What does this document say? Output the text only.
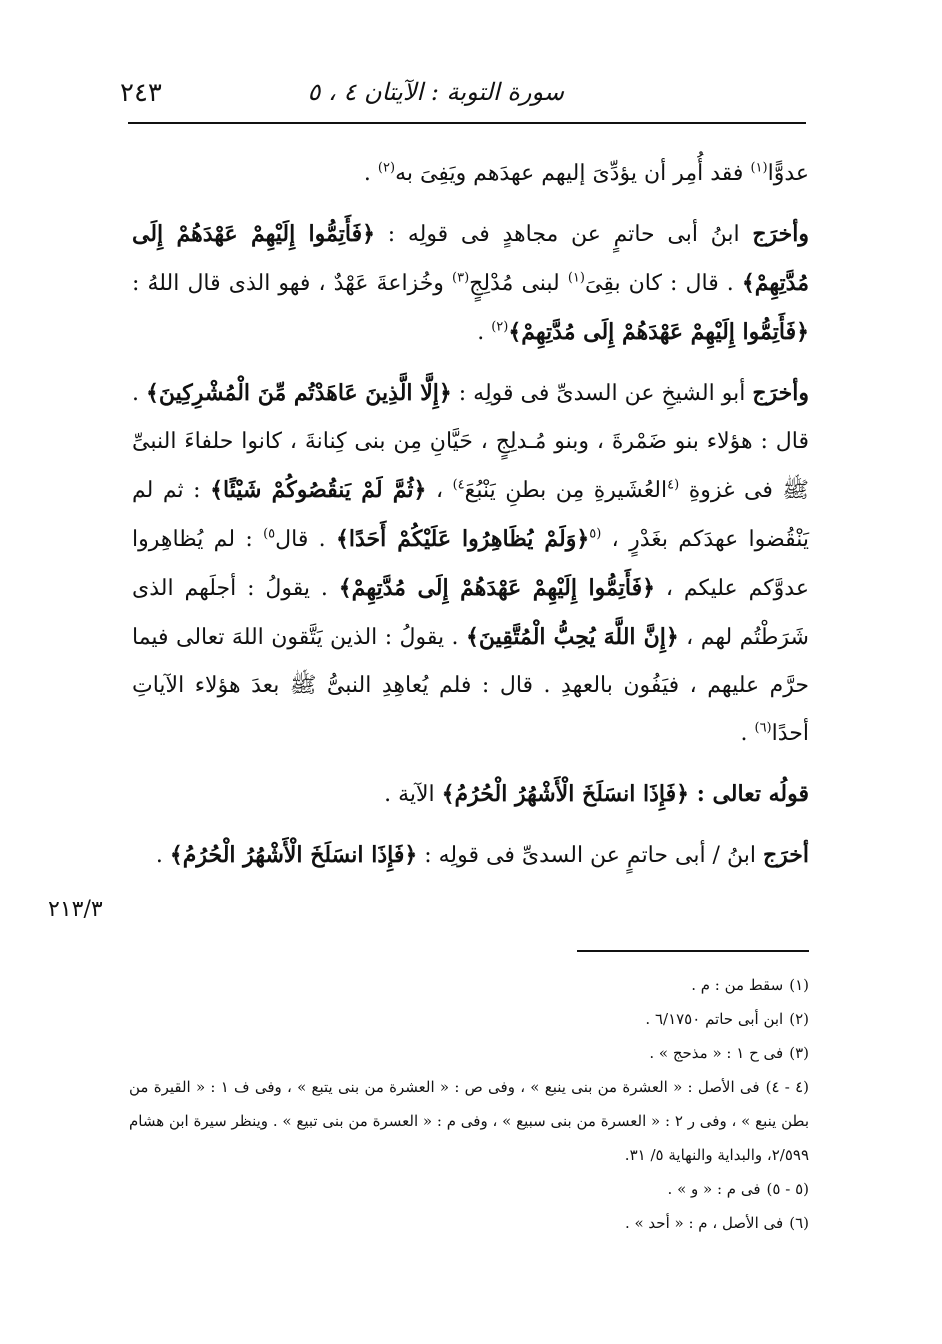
٢٤٣	سورة التوبة : الآيتان ٤ ، ٥

عدوًّا$^{(١)}$ فقد أُمِر أن يؤدِّىَ إليهم عهدَهم ويَفِىَ به$^{(٢)}$ .

وأخرَج ابنُ أبى حاتمٍ عن مجاهدٍ فى قولِه : ﴿فَأَتِمُّوا إِلَيْهِمْ عَهْدَهُمْ إِلَى مُدَّتِهِمْ﴾ . قال : كان بقِىَ$^{(١)}$ لبنى مُدْلِجٍ$^{(٣)}$ وخُزاعةَ عَهْدٌ ، فهو الذى قال اللهُ : ﴿فَأَتِمُّوا إِلَيْهِمْ عَهْدَهُمْ إِلَى مُدَّتِهِمْ﴾$^{(٢)}$ .

وأخرَج أبو الشيخِ عن السدىِّ فى قولِه : ﴿إِلَّا الَّذِينَ عَاهَدْتُم مِّنَ الْمُشْرِكِينَ﴾ . قال : هؤلاء بنو ضَمْرةَ ، وبنو مُـدلِجٍ ، حَيَّانِ مِن بنى كِنانةَ ، كانوا حلفاءَ النبىِّ ﷺ فى غزوةِ $^{(٤}$العُشَيرةِ مِن بطنِ يَنْبُعَ$^{٤)}$ ، ﴿ثُمَّ لَمْ يَنقُصُوكُمْ شَيْئًا﴾ : ثم لم يَنْقُضوا عهدَكم بغَدْرٍ ، $^{(٥}$﴿وَلَمْ يُظَاهِرُوا عَلَيْكُمْ أَحَدًا﴾ . قال$^{٥)}$ : لم يُظاهِروا عدوَّكم عليكم ، ﴿فَأَتِمُّوا إِلَيْهِمْ عَهْدَهُمْ إِلَى مُدَّتِهِمْ﴾ . يقولُ : أجلَهم الذى شَرَطْتُم لهم ، ﴿إِنَّ اللَّهَ يُحِبُّ الْمُتَّقِينَ﴾ . يقولُ : الذين يَتَّقون اللهَ تعالى فيما حرَّم عليهم ، فيَفُون بالعهدِ . قال : فلم يُعاهِدِ النبىُّ ﷺ بعدَ هؤلاء الآياتِ أحدًا$^{(٦)}$ .

قولُه تعالى : ﴿فَإِذَا انسَلَخَ الْأَشْهُرُ الْحُرُمُ﴾ الآية .

أخرَج ابنُ / أبى حاتمٍ عن السدىِّ فى قولِه : ﴿فَإِذَا انسَلَخَ الْأَشْهُرُ الْحُرُمُ﴾ .

٢١٣/٣

(١)سقط من : م .

(٢)ابن أبى حاتم ٦/١٧٥٠ .

(٣)فى ح ١ : « مذحج » .

(٤ - ٤)فى الأصل : « العشرة من بنى ينبع » ، وفى ص : « العشرة من بنى يتبع » ، وفى ف ١ : « القيرة من بطن ينبع » ، وفى ر ٢ : « العسرة من بنى سبيع » ، وفى م : « العسرة من بنى تبيع » . وينظر سيرة ابن هشام ٢/٥٩٩، والبداية والنهاية ٥/ ٣١.

(٥ - ٥)فى م : « و » .

(٦)فى الأصل ، م : « أحد » .
